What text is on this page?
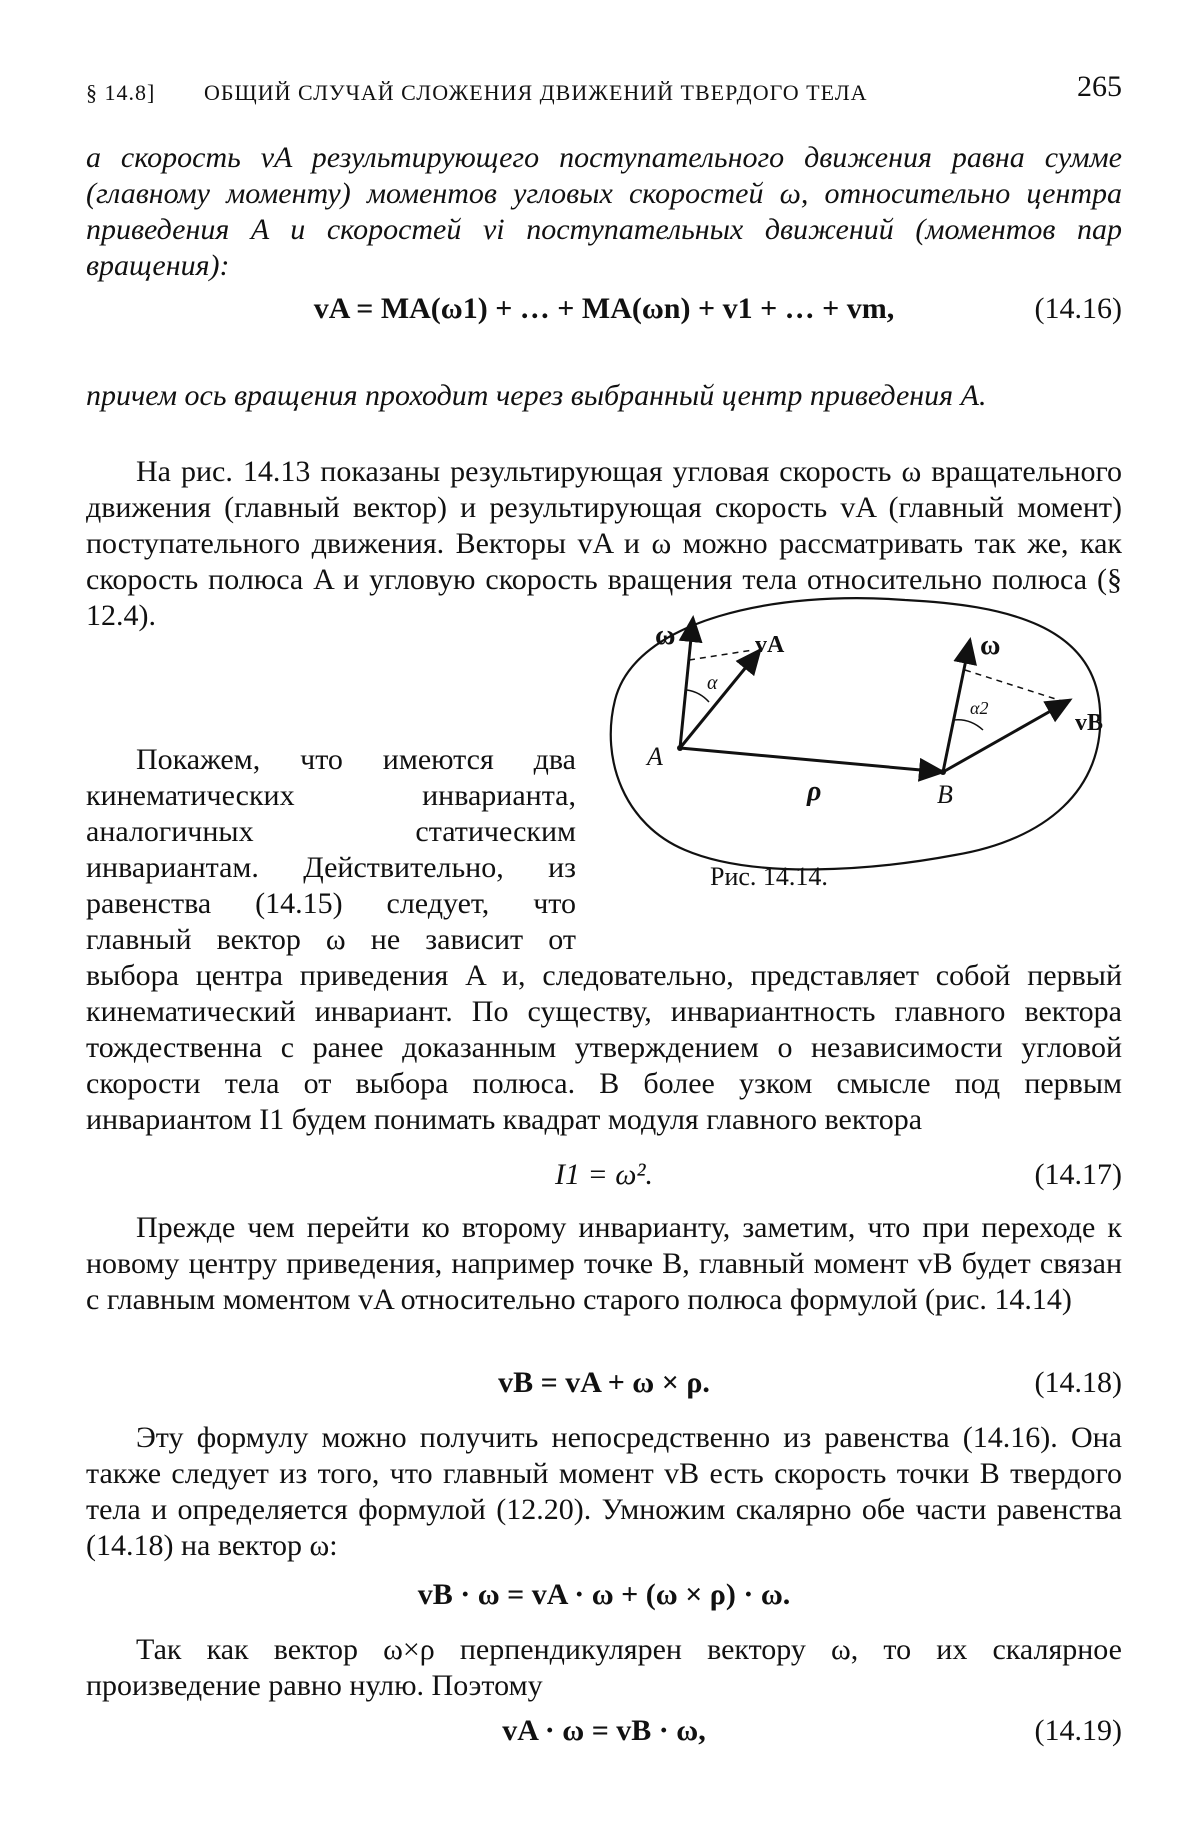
§ 14.8] ОБЩИЙ СЛУЧАЙ СЛОЖЕНИЯ ДВИЖЕНИЙ ТВЕРДОГО ТЕЛА	265
а скорость vA результирующего поступательного движения равна сумме (главному моменту) моментов угловых скоростей ω, относительно центра приведения A и скоростей vi поступательных движений (моментов пар вращения):
vA = MA(ω1) + … + MA(ωn) + v1 + … + vm,	(14.16)
причем ось вращения проходит через выбранный центр приведения A.
На рис. 14.13 показаны результирующая угловая скорость ω вращательного движения (главный вектор) и результирующая скорость vA (главный момент) поступательного движения. Векторы vA и ω можно рассматривать так же, как скорость полюса A и угловую скорость вращения тела относительно полюса (§ 12.4).
Покажем, что имеются два кинематических инварианта, аналогичных статическим инвариантам. Действительно, из равенства (14.15) следует, что главный вектор ω не зависит от выбора центра приведения A и, следовательно, представляет собой первый кинематический инвариант. По существу, инвариантность главного вектора тождественна с ранее доказанным утверждением о независимости угловой скорости тела от выбора полюса. В более узком смысле под первым инвариантом I1 будем понимать квадрат модуля главного вектора
ω	vA
α
A
ρ	B
ω
vB
α2
Рис. 14.14.
I1 = ω².	(14.17)
Прежде чем перейти ко второму инварианту, заметим, что при переходе к новому центру приведения, например точке B, главный момент vB будет связан с главным моментом vA относительно старого полюса формулой (рис. 14.14)
vB = vA + ω × ρ.	(14.18)
Эту формулу можно получить непосредственно из равенства (14.16). Она также следует из того, что главный момент vB есть скорость точки B твердого тела и определяется формулой (12.20). Умножим скалярно обе части равенства (14.18) на вектор ω:
vB · ω = vA · ω + (ω × ρ) · ω.
Так как вектор ω×ρ перпендикулярен вектору ω, то их скалярное произведение равно нулю. Поэтому
vA · ω = vB · ω,	(14.19)
